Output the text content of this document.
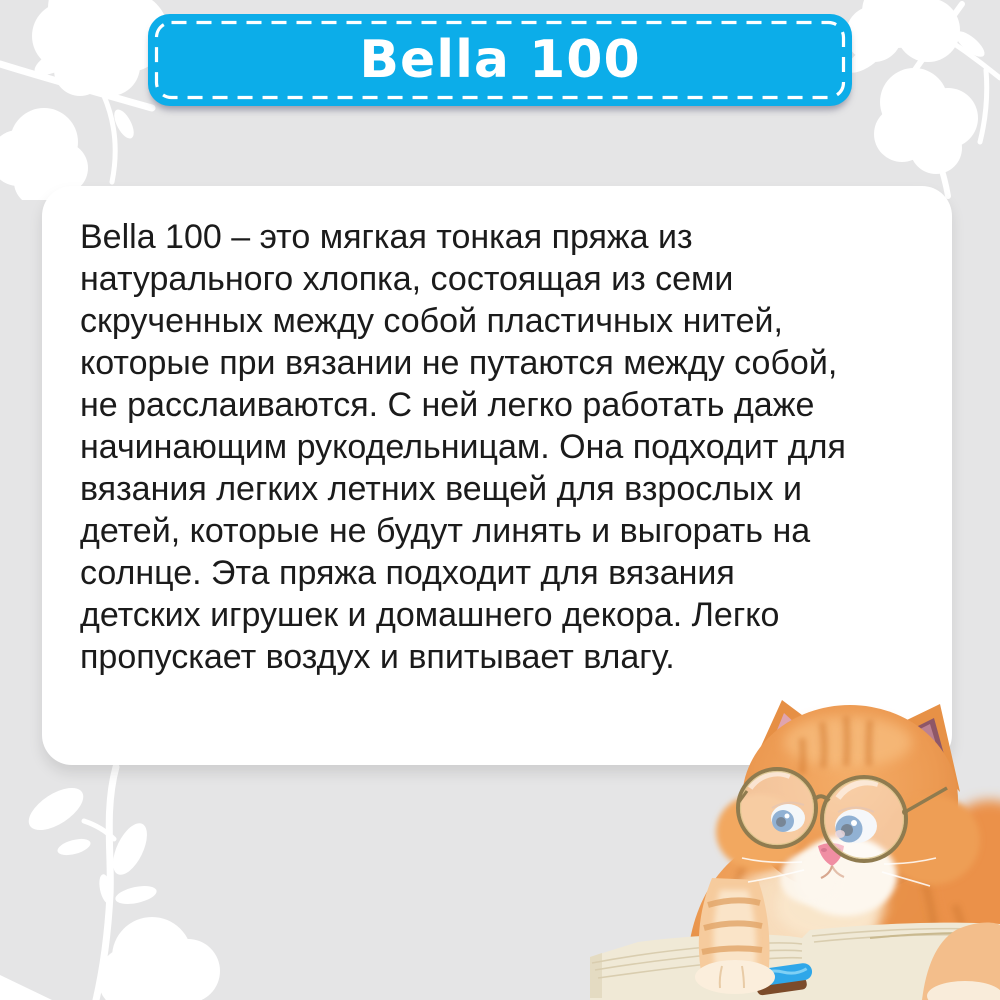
Bella 100
Bella 100 – это мягкая тонкая пряжа из
натурального хлопка, состоящая из семи
скрученных между собой пластичных нитей,
которые при вязании не путаются между собой,
не расслаиваются. С ней легко работать даже
начинающим рукодельницам. Она подходит для
вязания легких летних вещей для взрослых и
детей, которые не будут линять и выгорать на
солнце. Эта пряжа подходит для вязания
детских игрушек и домашнего декора. Легко
пропускает воздух и впитывает влагу.
